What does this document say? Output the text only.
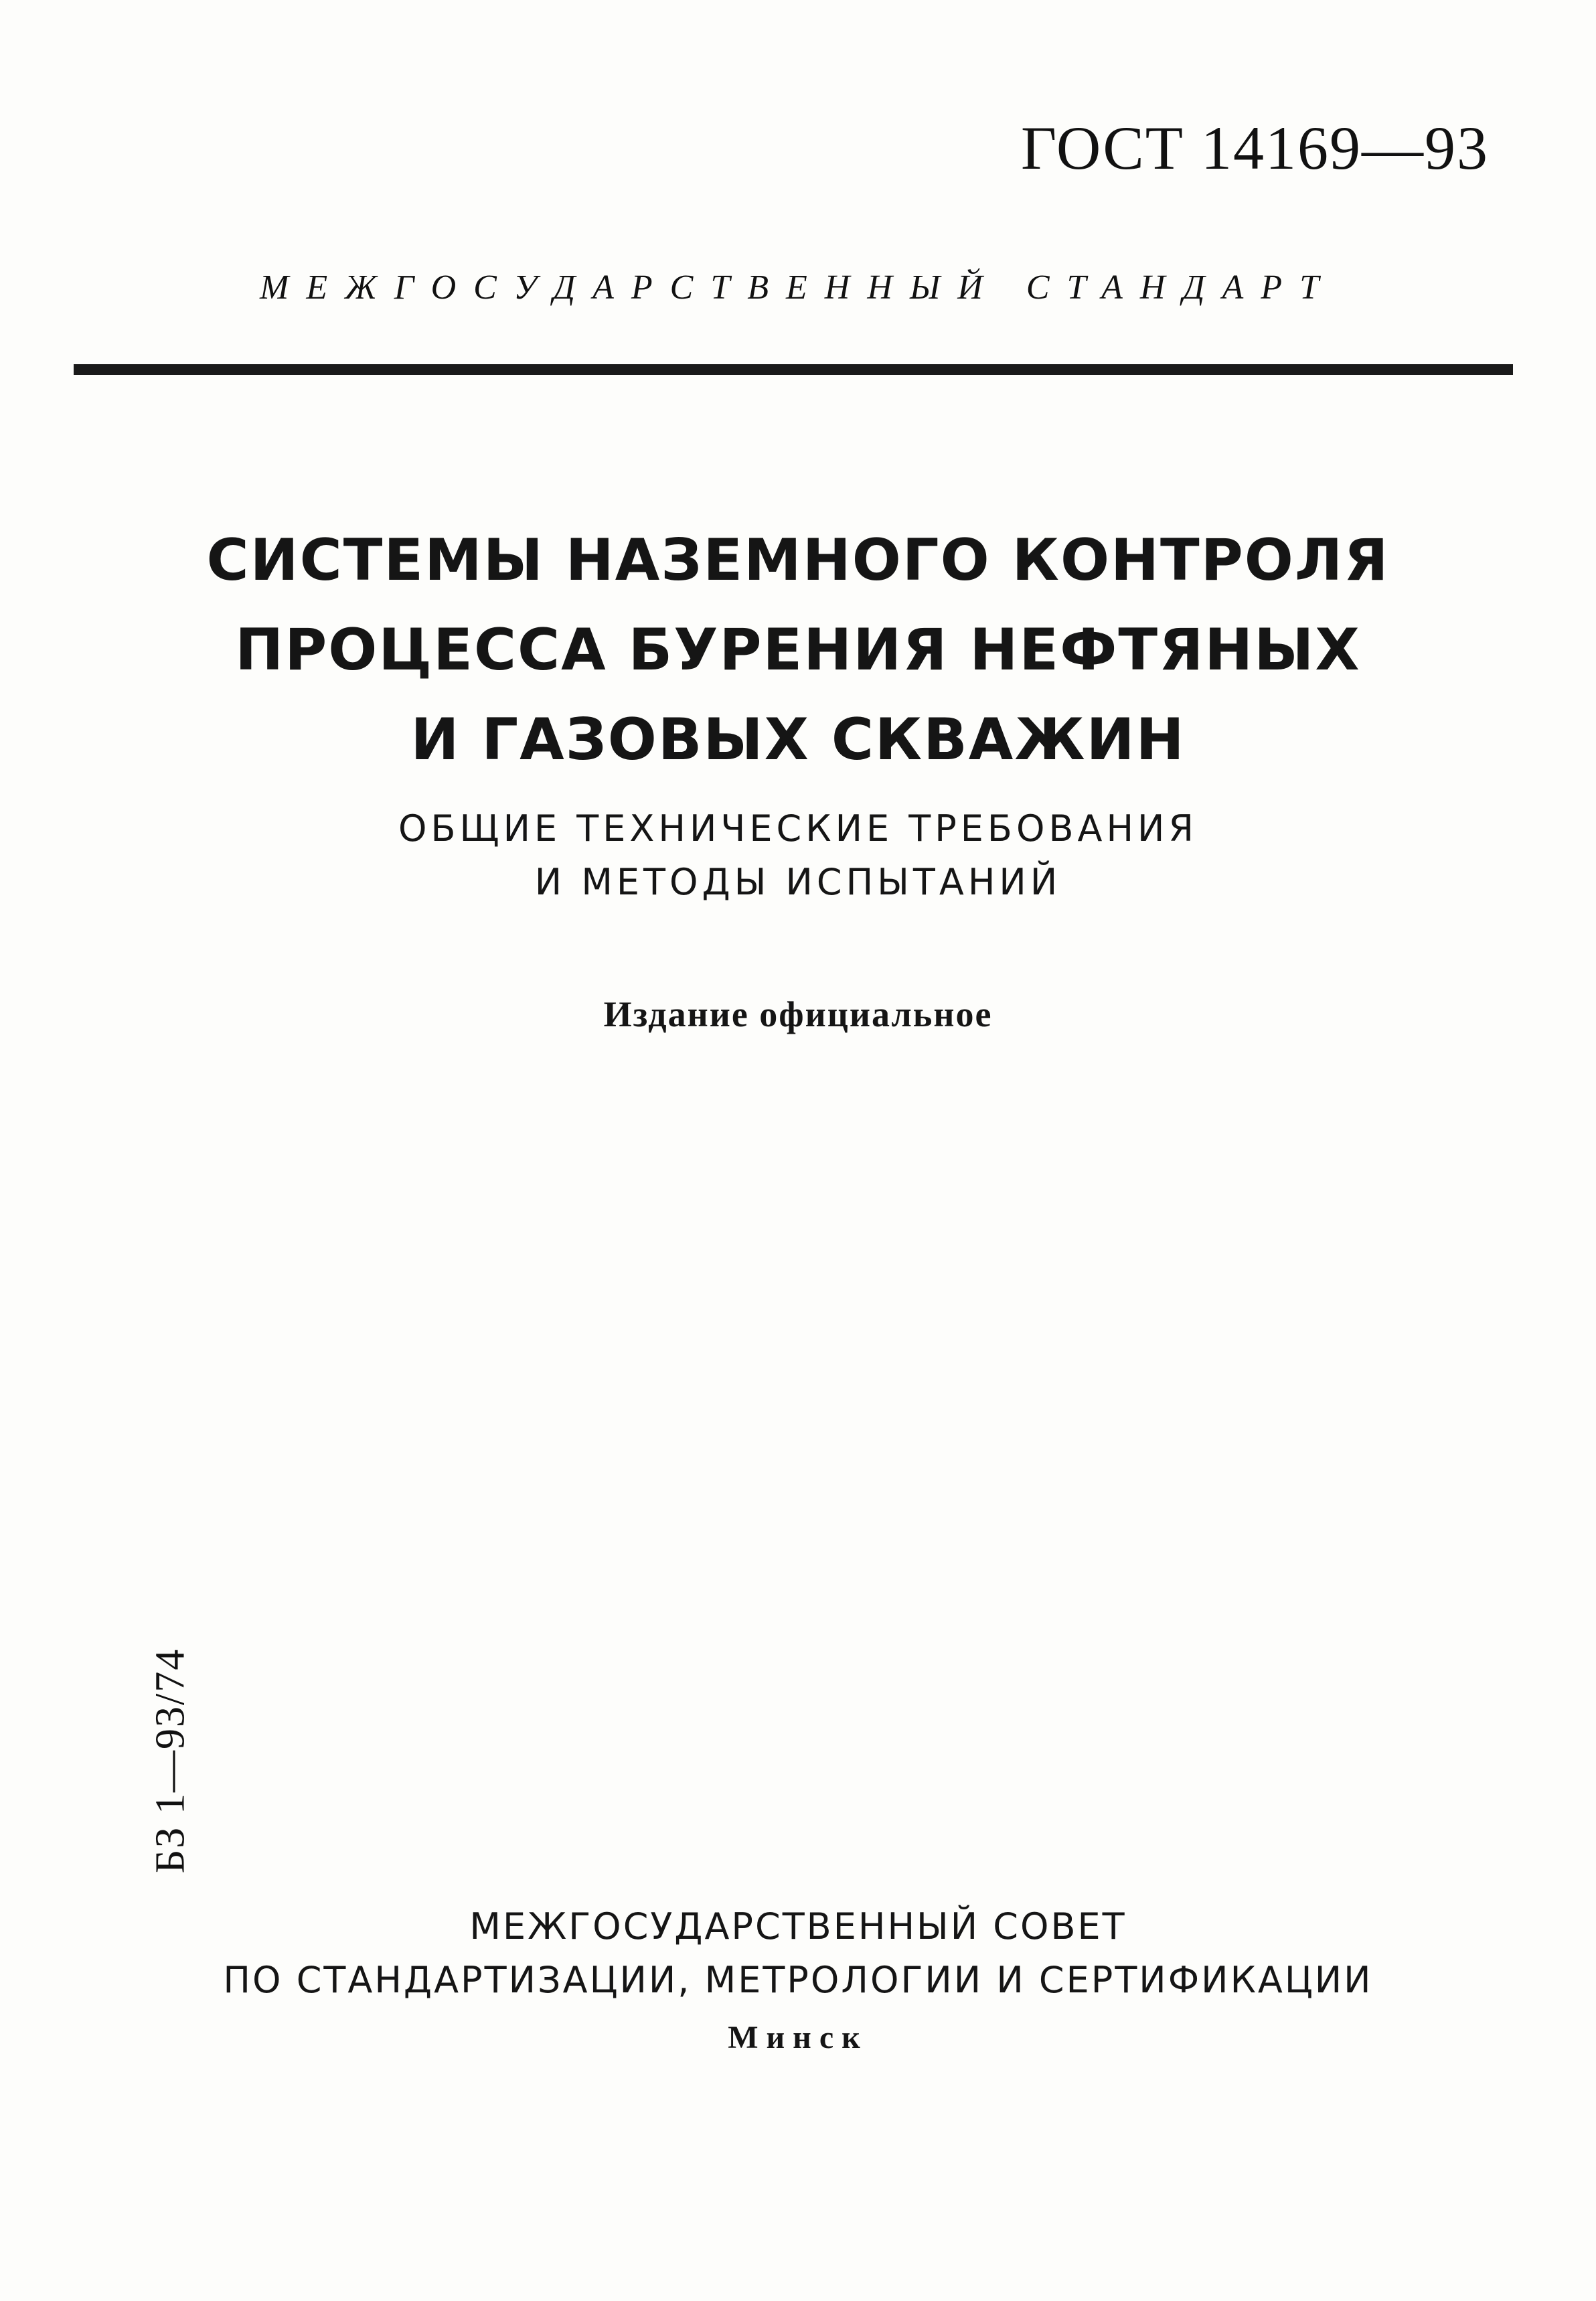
ГОСТ 14169—93
МЕЖГОСУДАРСТВЕННЫЙ СТАНДАРТ
СИСТЕМЫ НАЗЕМНОГО КОНТРОЛЯ
ПРОЦЕССА БУРЕНИЯ НЕФТЯНЫХ
И ГАЗОВЫХ СКВАЖИН
ОБЩИЕ ТЕХНИЧЕСКИЕ ТРЕБОВАНИЯ
И МЕТОДЫ ИСПЫТАНИЙ
Издание официальное
БЗ 1—93/74
МЕЖГОСУДАРСТВЕННЫЙ СОВЕТ
ПО СТАНДАРТИЗАЦИИ, МЕТРОЛОГИИ И СЕРТИФИКАЦИИ
Минск
